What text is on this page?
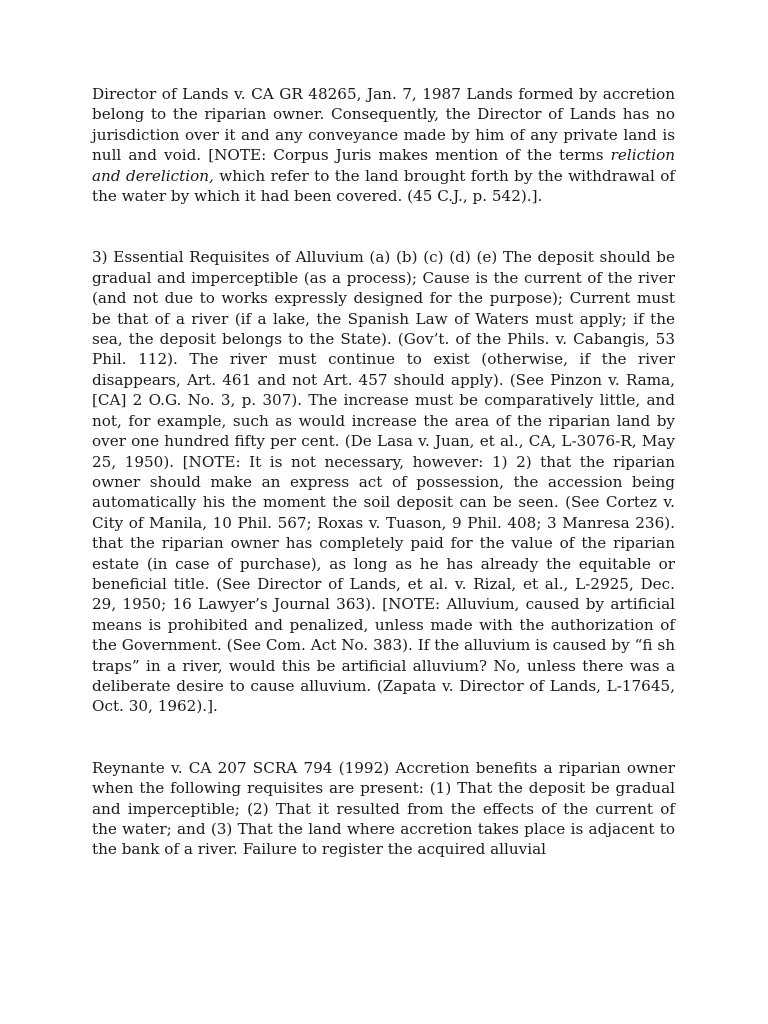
Director of Lands v. CA GR 48265, Jan. 7, 1987 Lands formed by accretion belong to the riparian owner. Consequently, the Director of Lands has no jurisdiction over it and any conveyance made by him of any private land is null and void. [NOTE: Corpus Juris makes mention of the terms reliction and dereliction, which refer to the land brought forth by the withdrawal of the water by which it had been covered. (45 C.J., p. 542).].

3) Essential Requisites of Alluvium (a) (b) (c) (d) (e) The deposit should be gradual and imperceptible (as a process); Cause is the current of the river (and not due to works expressly designed for the purpose); Current must be that of a river (if a lake, the Spanish Law of Waters must apply; if the sea, the deposit belongs to the State). (Gov’t. of the Phils. v. Cabangis, 53 Phil. 112). The river must continue to exist (otherwise, if the river disappears, Art. 461 and not Art. 457 should apply). (See Pinzon v. Rama, [CA] 2 O.G. No. 3, p. 307). The increase must be comparatively little, and not, for example, such as would increase the area of the riparian land by over one hundred fifty per cent. (De Lasa v. Juan, et al., CA, L-3076-R, May 25, 1950). [NOTE: It is not necessary, however: 1) 2) that the riparian owner should make an express act of possession, the accession being automatically his the moment the soil deposit can be seen. (See Cortez v. City of Manila, 10 Phil. 567; Roxas v. Tuason, 9 Phil. 408; 3 Manresa 236). that the riparian owner has completely paid for the value of the riparian estate (in case of purchase), as long as he has already the equitable or beneficial title. (See Director of Lands, et al. v. Rizal, et al., L-2925, Dec. 29, 1950; 16 Lawyer’s Journal 363). [NOTE: Alluvium, caused by artificial means is prohibited and penalized, unless made with the authorization of the Government. (See Com. Act No. 383). If the alluvium is caused by “fi sh traps” in a river, would this be artificial alluvium? No, unless there was a deliberate desire to cause alluvium. (Zapata v. Director of Lands, L-17645, Oct. 30, 1962).].

Reynante v. CA 207 SCRA 794 (1992) Accretion benefits a riparian owner when the following requisites are present: (1) That the deposit be gradual and imperceptible; (2) That it resulted from the effects of the current of the water; and (3) That the land where accretion takes place is adjacent to the bank of a river. Failure to register the acquired alluvial
